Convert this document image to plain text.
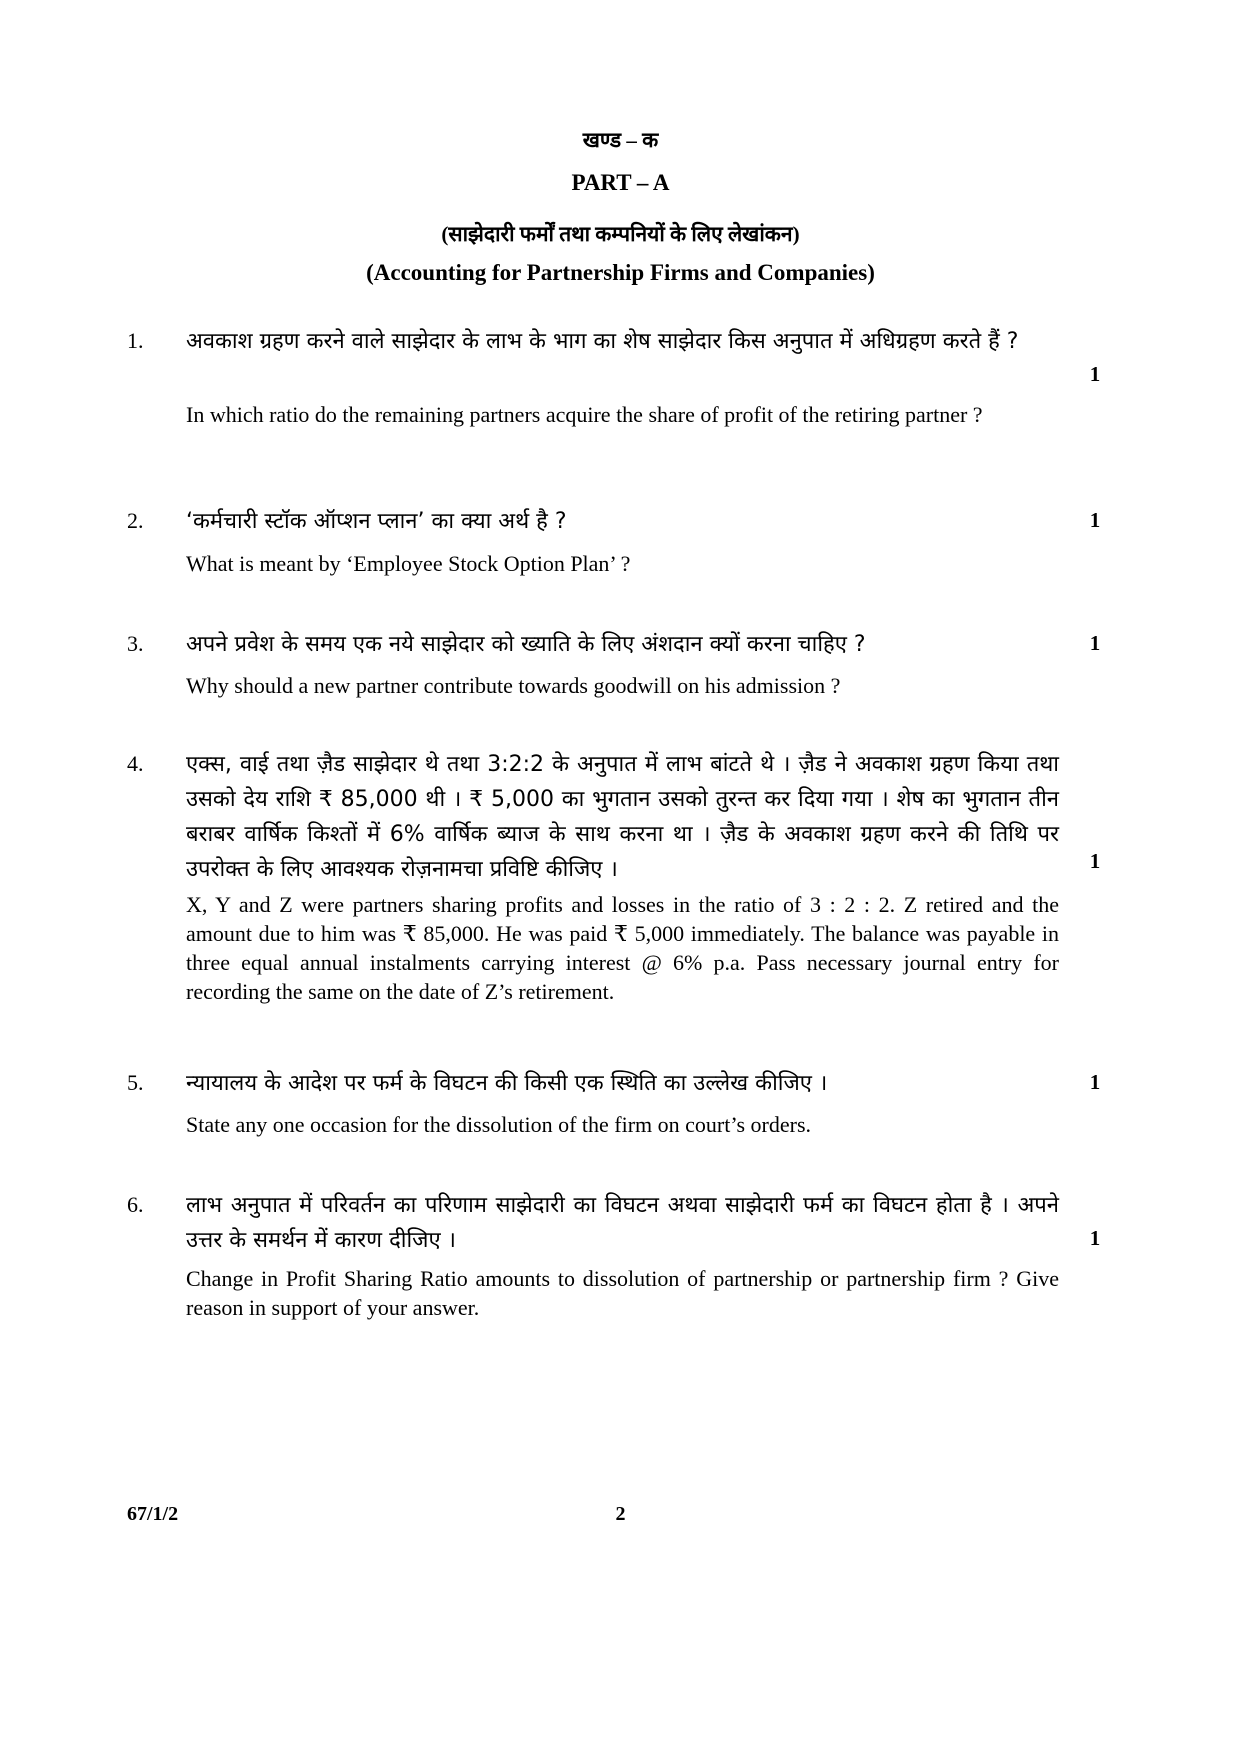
खण्ड – क

PART – A

(साझेदारी फर्मों तथा कम्पनियों के लिए लेखांकन)

(Accounting for Partnership Firms and Companies)

1. अवकाश ग्रहण करने वाले साझेदार के लाभ के भाग का शेष साझेदार किस अनुपात में अधिग्रहण करते हैं ?

1

In which ratio do the remaining partners acquire the share of profit of the retiring partner ?

2. ‘कर्मचारी स्टॉक ऑप्शन प्लान’ का क्या अर्थ है ?	1

What is meant by ‘Employee Stock Option Plan’ ?

3. अपने प्रवेश के समय एक नये साझेदार को ख्याति के लिए अंशदान क्यों करना चाहिए ?	1

Why should a new partner contribute towards goodwill on his admission ?

4. एक्स, वाई तथा ज़ैड साझेदार थे तथा 3:2:2 के अनुपात में लाभ बांटते थे । ज़ैड ने अवकाश ग्रहण किया तथा उसको देय राशि ₹ 85,000 थी । ₹ 5,000 का भुगतान उसको तुरन्त कर दिया गया । शेष का भुगतान तीन बराबर वार्षिक किश्तों में 6% वार्षिक ब्याज के साथ करना था । ज़ैड के अवकाश ग्रहण करने की तिथि पर उपरोक्त के लिए आवश्यक रोज़नामचा प्रविष्टि कीजिए ।	1

X, Y and Z were partners sharing profits and losses in the ratio of 3 : 2 : 2. Z retired and the amount due to him was ₹ 85,000. He was paid ₹ 5,000 immediately. The balance was payable in three equal annual instalments carrying interest @ 6% p.a. Pass necessary journal entry for recording the same on the date of Z’s retirement.

5. न्यायालय के आदेश पर फर्म के विघटन की किसी एक स्थिति का उल्लेख कीजिए ।	1

State any one occasion for the dissolution of the firm on court’s orders.

6. लाभ अनुपात में परिवर्तन का परिणाम साझेदारी का विघटन अथवा साझेदारी फर्म का विघटन होता है । अपने उत्तर के समर्थन में कारण दीजिए ।	1

Change in Profit Sharing Ratio amounts to dissolution of partnership or partnership firm ? Give reason in support of your answer.

67/1/2	2
